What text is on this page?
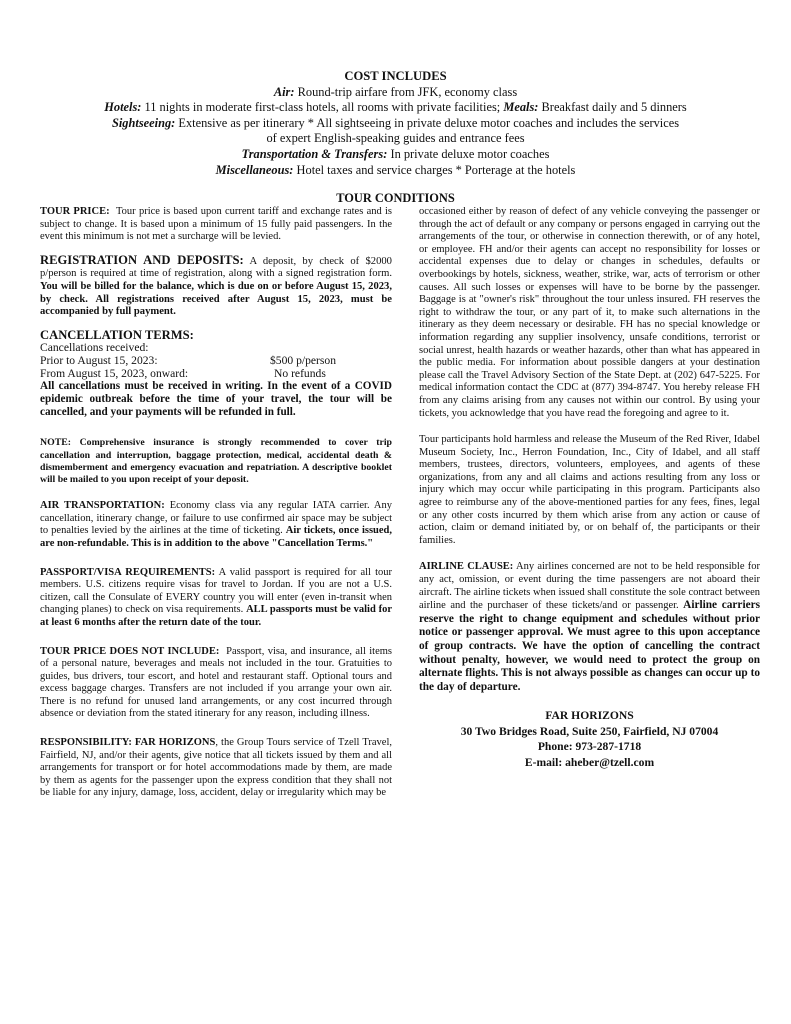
COST INCLUDES
Air: Round-trip airfare from JFK, economy class
Hotels: 11 nights in moderate first-class hotels, all rooms with private facilities; Meals: Breakfast daily and 5 dinners
Sightseeing: Extensive as per itinerary * All sightseeing in private deluxe motor coaches and includes the services
of expert English-speaking guides and entrance fees
Transportation & Transfers: In private deluxe motor coaches
Miscellaneous: Hotel taxes and service charges * Porterage at the hotels
TOUR CONDITIONS

TOUR PRICE: Tour price is based upon current tariff and exchange rates and is subject to change. It is based upon a minimum of 15 fully paid passengers. In the event this minimum is not met a surcharge will be levied.

REGISTRATION AND DEPOSITS: A deposit, by check of $2000 p/person is required at time of registration, along with a signed registration form. You will be billed for the balance, which is due on or before August 15, 2023, by check. All registrations received after August 15, 2023, must be accompanied by full payment.

CANCELLATION TERMS:
Cancellations received:
Prior to August 15, 2023:	$500 p/person
From August 15, 2023, onward:	No refunds
All cancellations must be received in writing. In the event of a COVID epidemic outbreak before the time of your travel, the tour will be cancelled, and your payments will be refunded in full.

NOTE: Comprehensive insurance is strongly recommended to cover trip cancellation and interruption, baggage protection, medical, accidental death & dismemberment and emergency evacuation and repatriation. A descriptive booklet will be mailed to you upon receipt of your deposit.

AIR TRANSPORTATION: Economy class via any regular IATA carrier. Any cancellation, itinerary change, or failure to use confirmed air space may be subject to penalties levied by the airlines at the time of ticketing. Air tickets, once issued, are non-refundable. This is in addition to the above "Cancellation Terms."

PASSPORT/VISA REQUIREMENTS: A valid passport is required for all tour members. U.S. citizens require visas for travel to Jordan. If you are not a U.S. citizen, call the Consulate of EVERY country you will enter (even in-transit when changing planes) to check on visa requirements. ALL passports must be valid for at least 6 months after the return date of the tour.

TOUR PRICE DOES NOT INCLUDE: Passport, visa, and insurance, all items of a personal nature, beverages and meals not included in the tour. Gratuities to guides, bus drivers, tour escort, and hotel and restaurant staff. Optional tours and excess baggage charges. Transfers are not included if you arrange your own air. There is no refund for unused land arrangements, or any cost incurred through absence or deviation from the stated itinerary for any reason, including illness.

RESPONSIBILITY: FAR HORIZONS, the Group Tours service of Tzell Travel, Fairfield, NJ, and/or their agents, give notice that all tickets issued by them and all arrangements for transport or for hotel accommodations made by them, are made by them as agents for the passenger upon the express condition that they shall not be liable for any injury, damage, loss, accident, delay or irregularity which may be

occasioned either by reason of defect of any vehicle conveying the passenger or through the act of default or any company or persons engaged in carrying out the arrangements of the tour, or otherwise in connection therewith, or of any hotel, or employee. FH and/or their agents can accept no responsibility for losses or accidental expenses due to delay or changes in schedules, defaults or overbookings by hotels, sickness, weather, strike, war, acts of terrorism or other causes. All such losses or expenses will have to be borne by the passenger. Baggage is at "owner's risk" throughout the tour unless insured. FH reserves the right to withdraw the tour, or any part of it, to make such alternations in the itinerary as they deem necessary or desirable. FH has no special knowledge or information regarding any supplier insolvency, unsafe conditions, terrorist or social unrest, health hazards or weather hazards, other than what has appeared in the public media. For information about possible dangers at your destination please call the Travel Advisory Section of the State Dept. at (202) 647-5225. For medical information contact the CDC at (877) 394-8747. You hereby release FH from any claims arising from any causes not within our control. By using your tickets, you acknowledge that you have read the foregoing and agree to it.

Tour participants hold harmless and release the Museum of the Red River, Idabel Museum Society, Inc., Herron Foundation, Inc., City of Idabel, and all staff members, trustees, directors, volunteers, employees, and agents of these organizations, from any and all claims and actions resulting from any loss or injury which may occur while participating in this program. Participants also agree to reimburse any of the above-mentioned parties for any fees, fines, legal or any other costs incurred by them which arise from any action or cause of action, claim or demand initiated by, or on behalf of, the participants or their families.

AIRLINE CLAUSE: Any airlines concerned are not to be held responsible for any act, omission, or event during the time passengers are not aboard their aircraft. The airline tickets when issued shall constitute the sole contract between airline and the purchaser of these tickets/and or passenger. Airline carriers reserve the right to change equipment and schedules without prior notice or passenger approval. We must agree to this upon acceptance of group contracts. We have the option of cancelling the contract without penalty, however, we would need to protect the group on alternate flights. This is not always possible as changes can occur up to the day of departure.

FAR HORIZONS
30 Two Bridges Road, Suite 250, Fairfield, NJ 07004
Phone: 973-287-1718
E-mail: aheber@tzell.com
